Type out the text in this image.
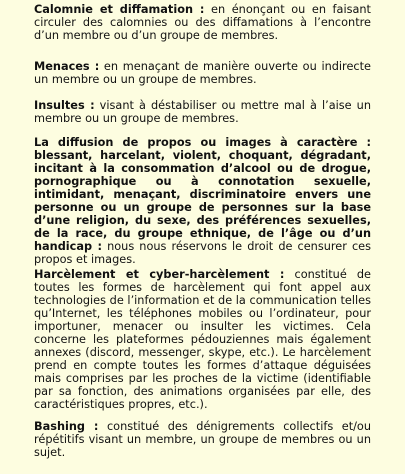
Calomnie et diffamation : en énonçant ou en faisant circuler des calomnies ou des diffamations à l’encontre d’un membre ou d’un groupe de membres.

Menaces : en menaçant de manière ouverte ou indirecte un membre ou un groupe de membres.

Insultes : visant à déstabiliser ou mettre mal à l’aise un membre ou un groupe de membres.

La diffusion de propos ou images à caractère : blessant, harcelant, violent, choquant, dégradant, incitant à la consommation d’alcool ou de drogue, pornographique ou à connotation sexuelle, intimidant, menaçant, discriminatoire envers une personne ou un groupe de personnes sur la base d’une religion, du sexe, des préférences sexuelles, de la race, du groupe ethnique, de l’âge ou d’un handicap : nous nous réservons le droit de censurer ces propos et images.

Harcèlement et cyber-harcèlement : constitué de toutes les formes de harcèlement qui font appel aux technologies de l’information et de la communication telles qu’Internet, les téléphones mobiles ou l’ordinateur, pour importuner, menacer ou insulter les victimes. Cela concerne les plateformes pédouziennes mais également annexes (discord, messenger, skype, etc.). Le harcèlement prend en compte toutes les formes d’attaque déguisées mais comprises par les proches de la victime (identifiable par sa fonction, des animations organisées par elle, des caractéristiques propres, etc.).

Bashing : constitué des dénigrements collectifs et/ou répétitifs visant un membre, un groupe de membres ou un sujet.
